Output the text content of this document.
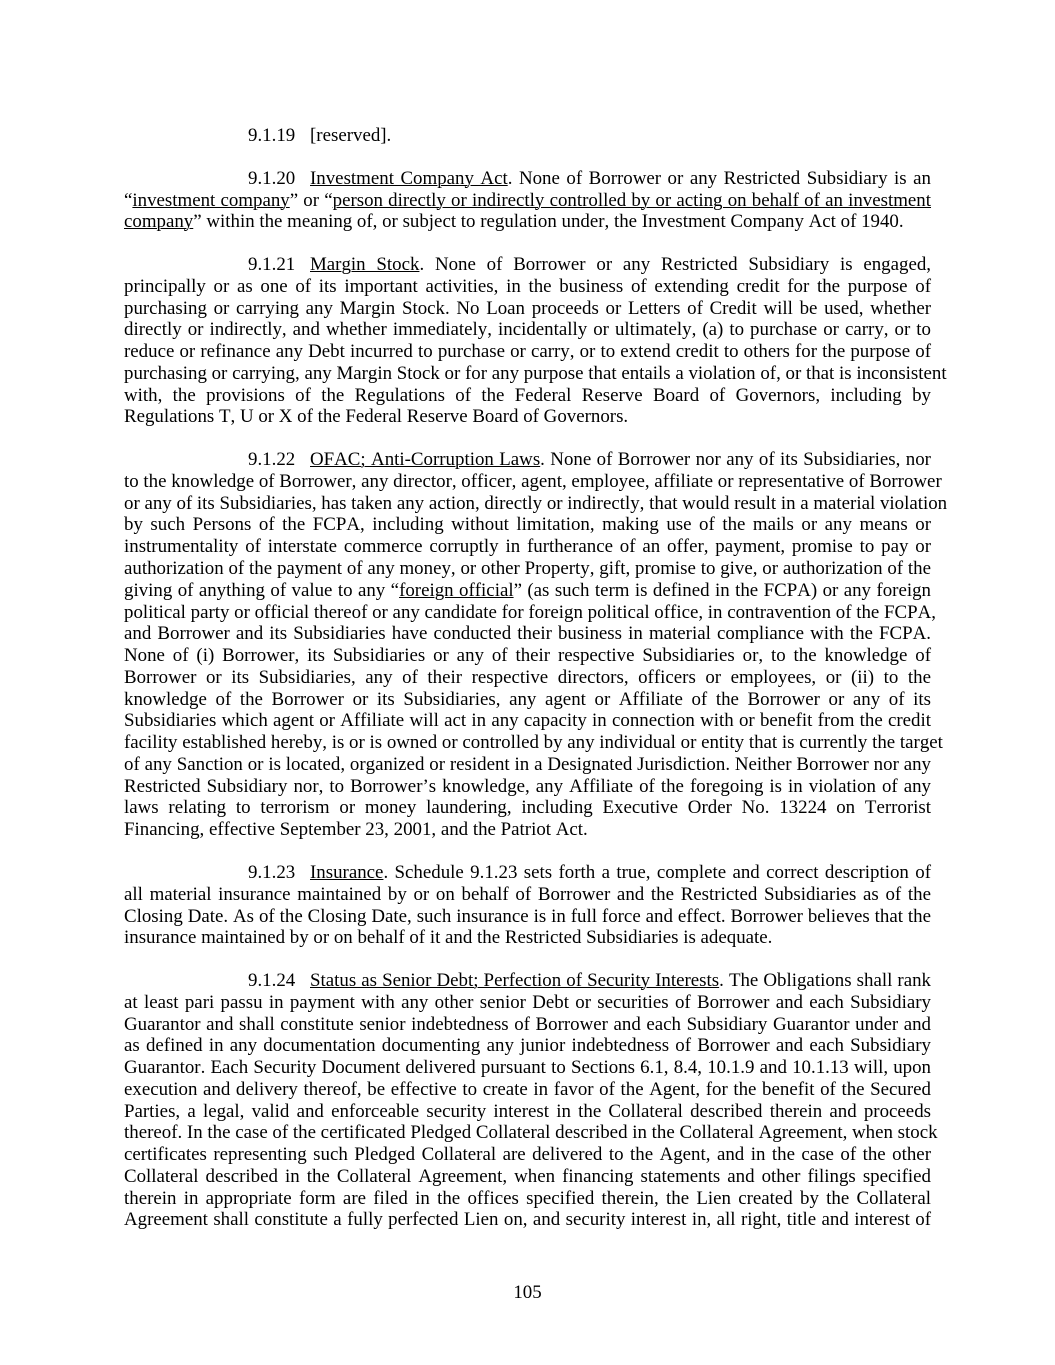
9.1.19 [reserved].
9.1.20 Investment Company Act. None of Borrower or any Restricted Subsidiary is an
“investment company” or “person directly or indirectly controlled by or acting on behalf of an investment
company” within the meaning of, or subject to regulation under, the Investment Company Act of 1940.
9.1.21 Margin Stock. None of Borrower or any Restricted Subsidiary is engaged,
principally or as one of its important activities, in the business of extending credit for the purpose of
purchasing or carrying any Margin Stock. No Loan proceeds or Letters of Credit will be used, whether
directly or indirectly, and whether immediately, incidentally or ultimately, (a) to purchase or carry, or to
reduce or refinance any Debt incurred to purchase or carry, or to extend credit to others for the purpose of
purchasing or carrying, any Margin Stock or for any purpose that entails a violation of, or that is inconsistent
with, the provisions of the Regulations of the Federal Reserve Board of Governors, including by
Regulations T, U or X of the Federal Reserve Board of Governors.
9.1.22 OFAC; Anti-Corruption Laws. None of Borrower nor any of its Subsidiaries, nor
to the knowledge of Borrower, any director, officer, agent, employee, affiliate or representative of Borrower
or any of its Subsidiaries, has taken any action, directly or indirectly, that would result in a material violation
by such Persons of the FCPA, including without limitation, making use of the mails or any means or
instrumentality of interstate commerce corruptly in furtherance of an offer, payment, promise to pay or
authorization of the payment of any money, or other Property, gift, promise to give, or authorization of the
giving of anything of value to any “foreign official” (as such term is defined in the FCPA) or any foreign
political party or official thereof or any candidate for foreign political office, in contravention of the FCPA,
and Borrower and its Subsidiaries have conducted their business in material compliance with the FCPA.
None of (i) Borrower, its Subsidiaries or any of their respective Subsidiaries or, to the knowledge of
Borrower or its Subsidiaries, any of their respective directors, officers or employees, or (ii) to the
knowledge of the Borrower or its Subsidiaries, any agent or Affiliate of the Borrower or any of its
Subsidiaries which agent or Affiliate will act in any capacity in connection with or benefit from the credit
facility established hereby, is or is owned or controlled by any individual or entity that is currently the target
of any Sanction or is located, organized or resident in a Designated Jurisdiction. Neither Borrower nor any
Restricted Subsidiary nor, to Borrower’s knowledge, any Affiliate of the foregoing is in violation of any
laws relating to terrorism or money laundering, including Executive Order No. 13224 on Terrorist
Financing, effective September 23, 2001, and the Patriot Act.
9.1.23 Insurance. Schedule 9.1.23 sets forth a true, complete and correct description of
all material insurance maintained by or on behalf of Borrower and the Restricted Subsidiaries as of the
Closing Date. As of the Closing Date, such insurance is in full force and effect. Borrower believes that the
insurance maintained by or on behalf of it and the Restricted Subsidiaries is adequate.
9.1.24 Status as Senior Debt; Perfection of Security Interests. The Obligations shall rank
at least pari passu in payment with any other senior Debt or securities of Borrower and each Subsidiary
Guarantor and shall constitute senior indebtedness of Borrower and each Subsidiary Guarantor under and
as defined in any documentation documenting any junior indebtedness of Borrower and each Subsidiary
Guarantor. Each Security Document delivered pursuant to Sections 6.1, 8.4, 10.1.9 and 10.1.13 will, upon
execution and delivery thereof, be effective to create in favor of the Agent, for the benefit of the Secured
Parties, a legal, valid and enforceable security interest in the Collateral described therein and proceeds
thereof. In the case of the certificated Pledged Collateral described in the Collateral Agreement, when stock
certificates representing such Pledged Collateral are delivered to the Agent, and in the case of the other
Collateral described in the Collateral Agreement, when financing statements and other filings specified
therein in appropriate form are filed in the offices specified therein, the Lien created by the Collateral
Agreement shall constitute a fully perfected Lien on, and security interest in, all right, title and interest of
105
